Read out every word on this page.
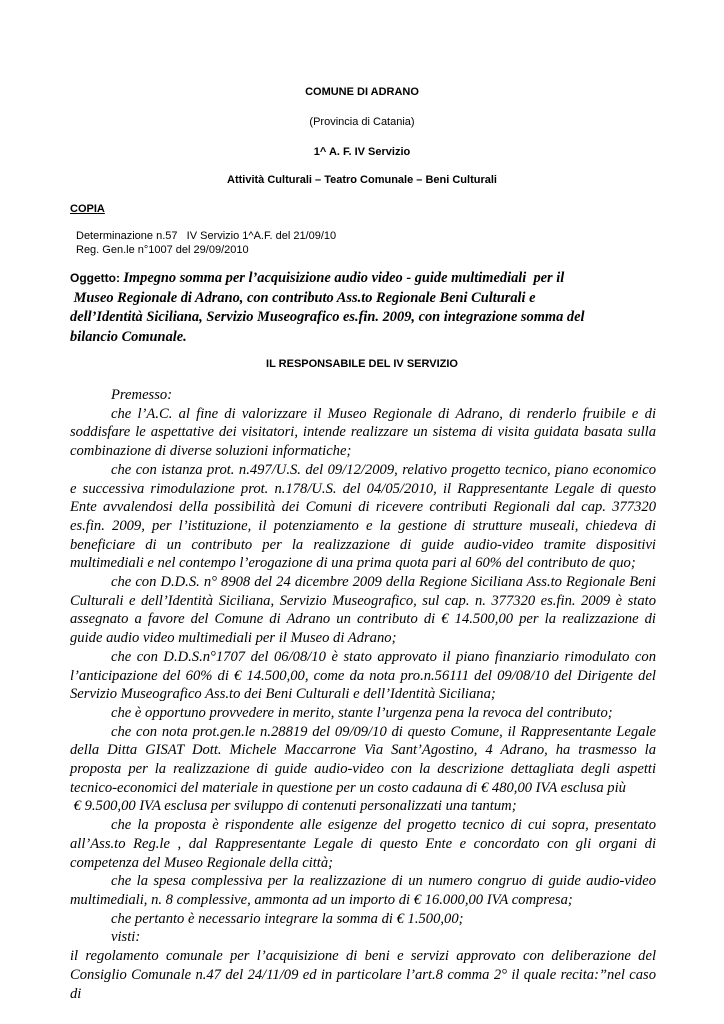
COMUNE DI ADRANO
(Provincia di Catania)
1^ A. F. IV Servizio
Attività Culturali – Teatro Comunale – Beni Culturali
COPIA
Determinazione n.57   IV Servizio 1^A.F. del 21/09/10
Reg. Gen.le n°1007 del 29/09/2010
Oggetto: Impegno somma per l’acquisizione audio video - guide multimediali  per il
Museo Regionale di Adrano, con contributo Ass.to Regionale Beni Culturali e
dell’Identità Siciliana, Servizio Museografico es.fin. 2009, con integrazione somma del
bilancio Comunale.
IL RESPONSABILE DEL IV SERVIZIO
Premesso:
che l’A.C. al fine di valorizzare il Museo Regionale di Adrano, di renderlo fruibile e di
soddisfare le aspettative dei visitatori, intende realizzare un sistema di visita guidata basata sulla
combinazione di diverse soluzioni informatiche;
che con istanza prot. n.497/U.S. del 09/12/2009, relativo progetto tecnico, piano economico
e successiva rimodulazione prot. n.178/U.S. del 04/05/2010, il Rappresentante Legale di questo
Ente avvalendosi della possibilità dei Comuni di ricevere contributi Regionali dal cap. 377320
es.fin. 2009, per l’istituzione, il potenziamento e la gestione di strutture museali, chiedeva di
beneficiare di un contributo per la realizzazione di guide audio-video tramite dispositivi
multimediali e nel contempo l’erogazione di una prima quota pari al 60% del contributo de quo;
che con D.D.S. n° 8908 del 24 dicembre 2009 della Regione Siciliana Ass.to Regionale Beni
Culturali e dell’Identità Siciliana, Servizio Museografico, sul cap. n. 377320 es.fin. 2009 è stato
assegnato a favore del Comune di Adrano un contributo di € 14.500,00 per la realizzazione di
guide audio video multimediali per il Museo di Adrano;
che con D.D.S.n°1707 del 06/08/10 è stato approvato il piano finanziario rimodulato con
l’anticipazione del 60% di € 14.500,00, come da nota pro.n.56111 del 09/08/10 del Dirigente del
Servizio Museografico Ass.to dei Beni Culturali e dell’Identità Siciliana;
che è opportuno provvedere in merito, stante l’urgenza pena la revoca del contributo;
che con nota prot.gen.le n.28819 del 09/09/10 di questo Comune, il Rappresentante Legale
della Ditta GISAT Dott. Michele Maccarrone Via Sant’Agostino, 4 Adrano, ha trasmesso la
proposta per la realizzazione di guide audio-video con la descrizione dettagliata degli aspetti
tecnico-economici del materiale in questione per un costo cadauna di € 480,00 IVA esclusa più
€ 9.500,00 IVA esclusa per sviluppo di contenuti personalizzati una tantum;
che la proposta è rispondente alle esigenze del progetto tecnico di cui sopra, presentato
all’Ass.to Reg.le , dal Rappresentante Legale di questo Ente e concordato con gli organi di
competenza del Museo Regionale della città;
che la spesa complessiva per la realizzazione di un numero congruo di guide audio-video
multimediali, n. 8 complessive, ammonta ad un importo di € 16.000,00 IVA compresa;
che pertanto è necessario integrare la somma di € 1.500,00;
visti:
il regolamento comunale per l’acquisizione di beni e servizi approvato con deliberazione del
Consiglio Comunale n.47 del 24/11/09 ed in particolare l’art.8 comma 2° il quale recita:”nel caso di
